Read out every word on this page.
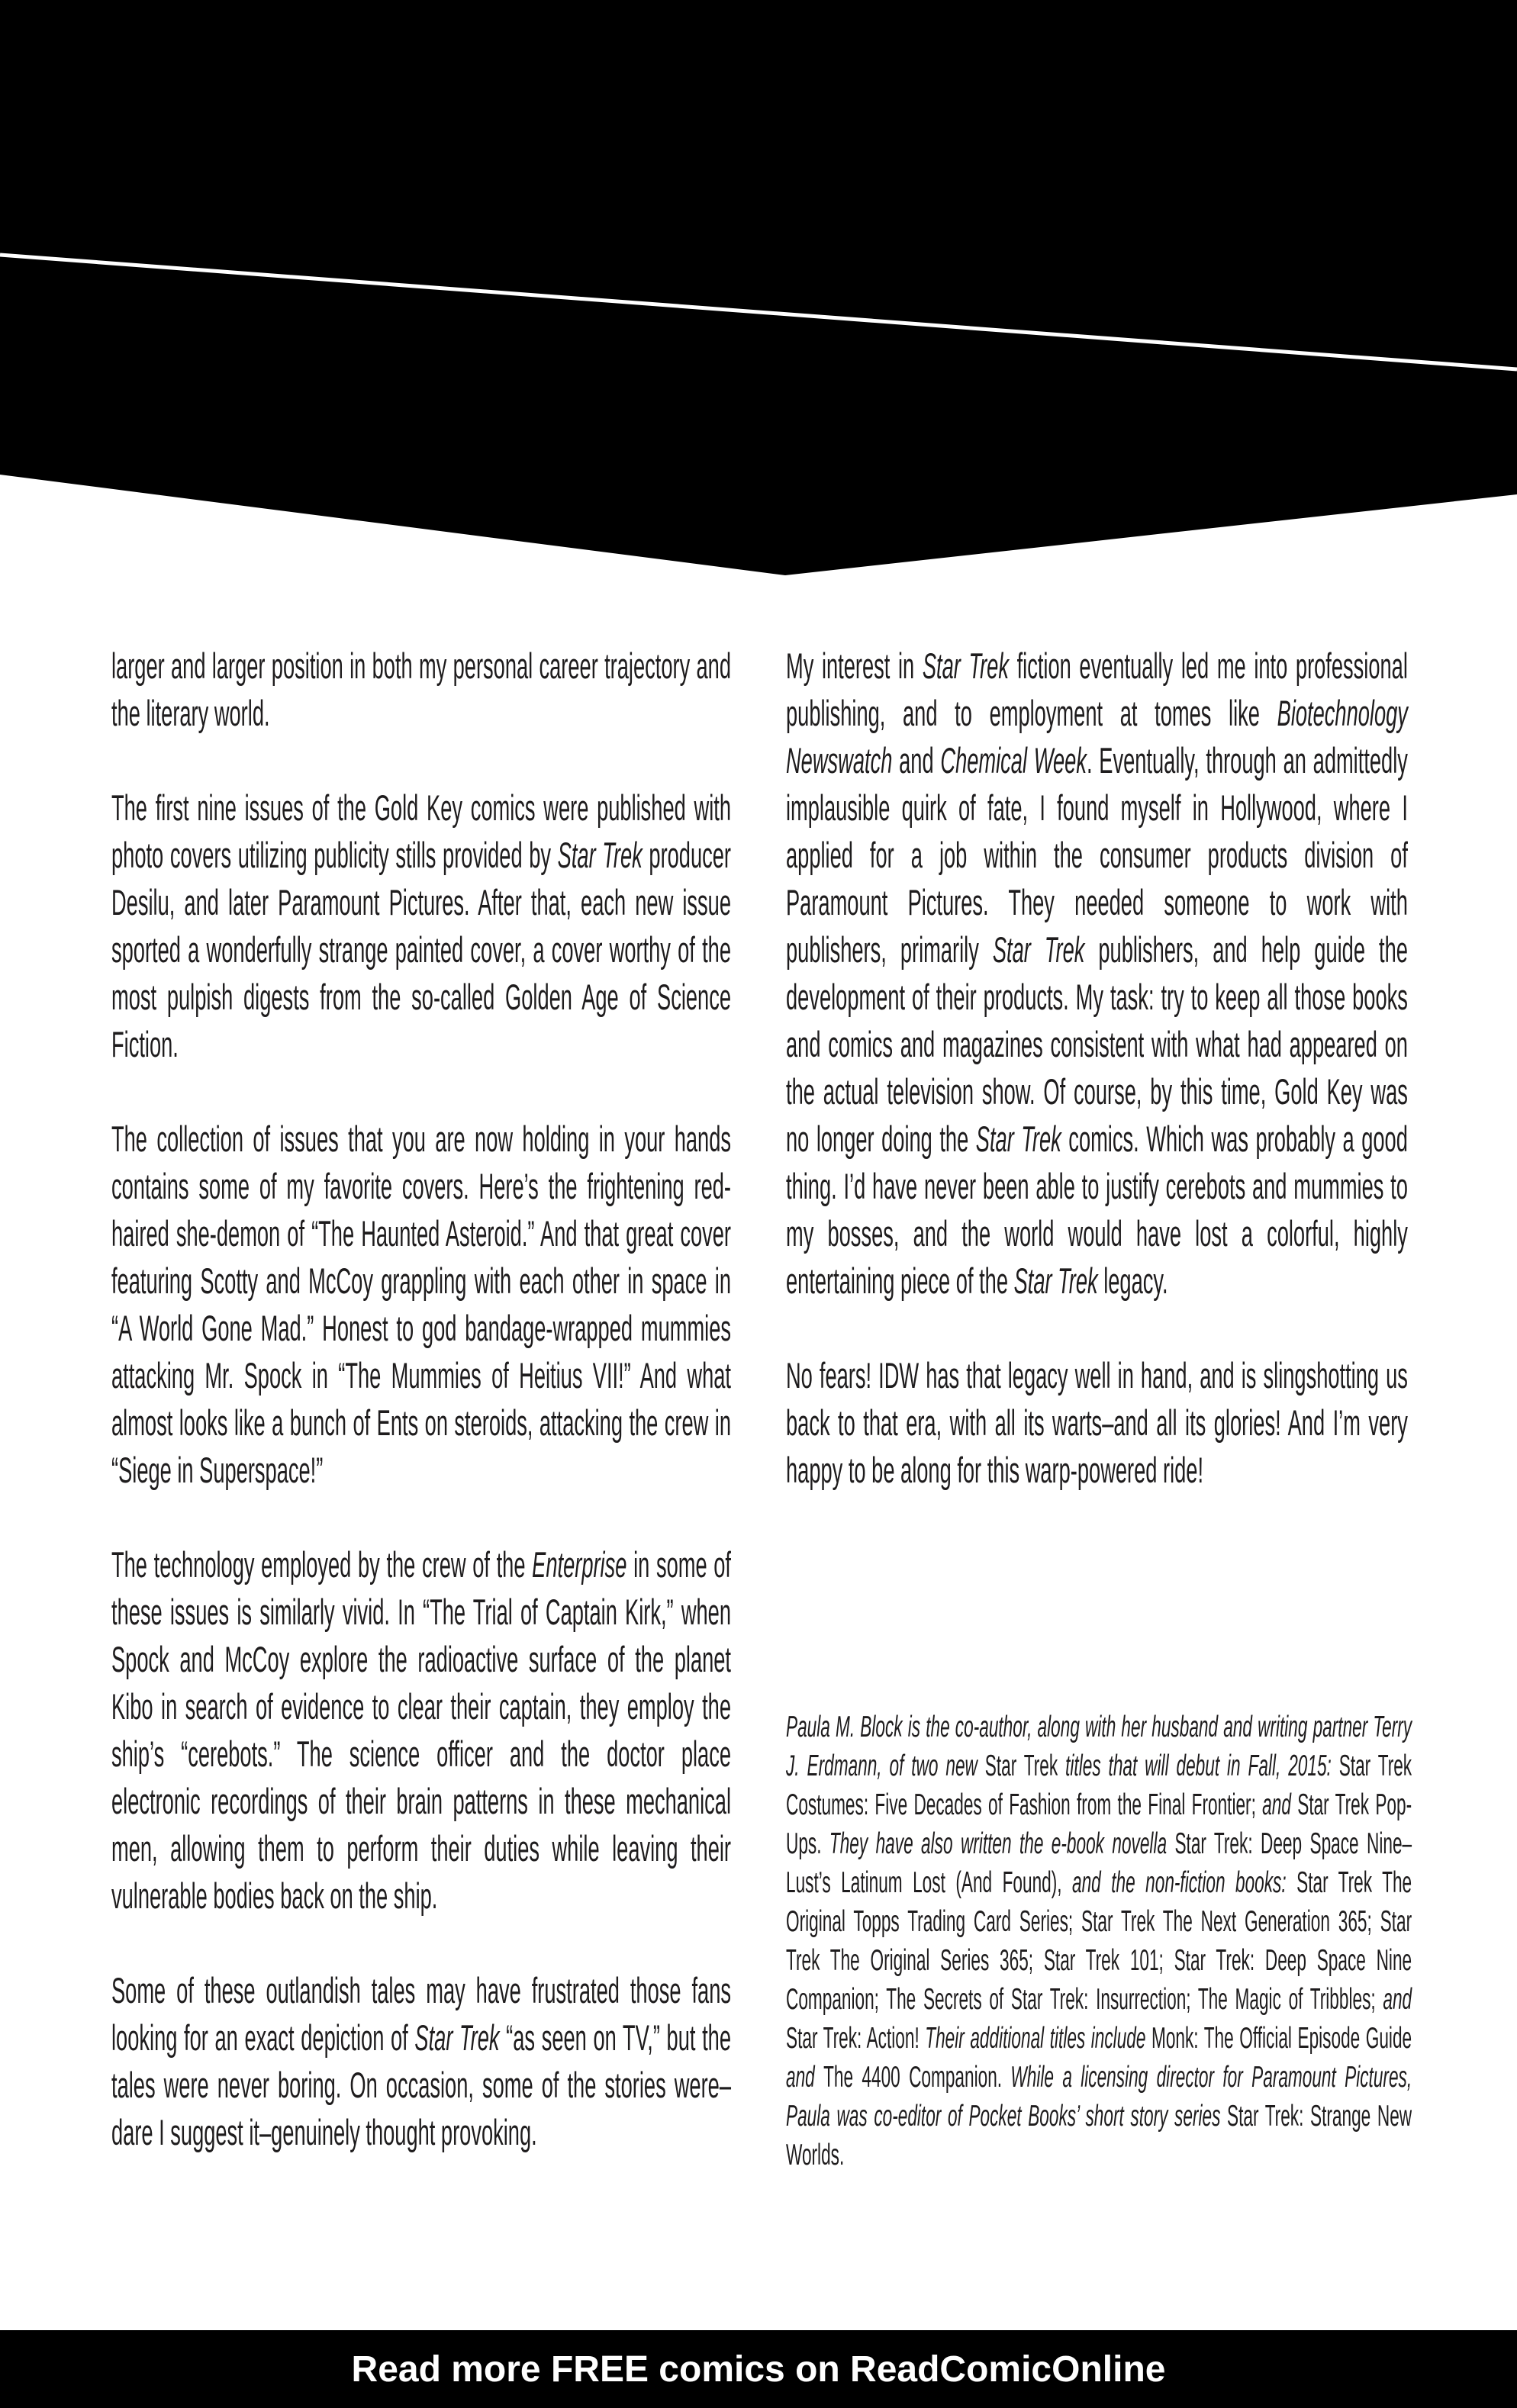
larger and larger position in both my personal career trajectory and the literary world.

The first nine issues of the Gold Key comics were published with photo covers utilizing publicity stills provided by Star Trek producer Desilu, and later Paramount Pictures. After that, each new issue sported a wonderfully strange painted cover, a cover worthy of the most pulpish digests from the so-called Golden Age of Science Fiction.

The collection of issues that you are now holding in your hands contains some of my favorite covers. Here’s the frightening red-haired she-demon of “The Haunted Asteroid.” And that great cover featuring Scotty and McCoy grappling with each other in space in “A World Gone Mad.” Honest to god bandage-wrapped mummies attacking Mr. Spock in “The Mummies of Heitius VII!” And what almost looks like a bunch of Ents on steroids, attacking the crew in “Siege in Superspace!”

The technology employed by the crew of the Enterprise in some of these issues is similarly vivid. In “The Trial of Captain Kirk,” when Spock and McCoy explore the radioactive surface of the planet Kibo in search of evidence to clear their captain, they employ the ship’s “cerebots.” The science officer and the doctor place electronic recordings of their brain patterns in these mechanical men, allowing them to perform their duties while leaving their vulnerable bodies back on the ship.

Some of these outlandish tales may have frustrated those fans looking for an exact depiction of Star Trek “as seen on TV,” but the tales were never boring. On occasion, some of the stories were–dare I suggest it–genuinely thought provoking.

My interest in Star Trek fiction eventually led me into professional publishing, and to employment at tomes like Biotechnology Newswatch and Chemical Week. Eventually, through an admittedly implausible quirk of fate, I found myself in Hollywood, where I applied for a job within the consumer products division of Paramount Pictures. They needed someone to work with publishers, primarily Star Trek publishers, and help guide the development of their products. My task: try to keep all those books and comics and magazines consistent with what had appeared on the actual television show. Of course, by this time, Gold Key was no longer doing the Star Trek comics. Which was probably a good thing. I’d have never been able to justify cerebots and mummies to my bosses, and the world would have lost a colorful, highly entertaining piece of the Star Trek legacy.

No fears! IDW has that legacy well in hand, and is slingshotting us back to that era, with all its warts–and all its glories! And I’m very happy to be along for this warp-powered ride!

Paula M. Block is the co-author, along with her husband and writing partner Terry J. Erdmann, of two new Star Trek titles that will debut in Fall, 2015: Star Trek Costumes: Five Decades of Fashion from the Final Frontier; and Star Trek Pop-Ups. They have also written the e-book novella Star Trek: Deep Space Nine–Lust’s Latinum Lost (And Found), and the non-fiction books: Star Trek The Original Topps Trading Card Series; Star Trek The Next Generation 365; Star Trek The Original Series 365; Star Trek 101; Star Trek: Deep Space Nine Companion; The Secrets of Star Trek: Insurrection; The Magic of Tribbles; and Star Trek: Action! Their additional titles include Monk: The Official Episode Guide and The 4400 Companion. While a licensing director for Paramount Pictures, Paula was co-editor of Pocket Books’ short story series Star Trek: Strange New Worlds.

Read more FREE comics on ReadComicOnline
